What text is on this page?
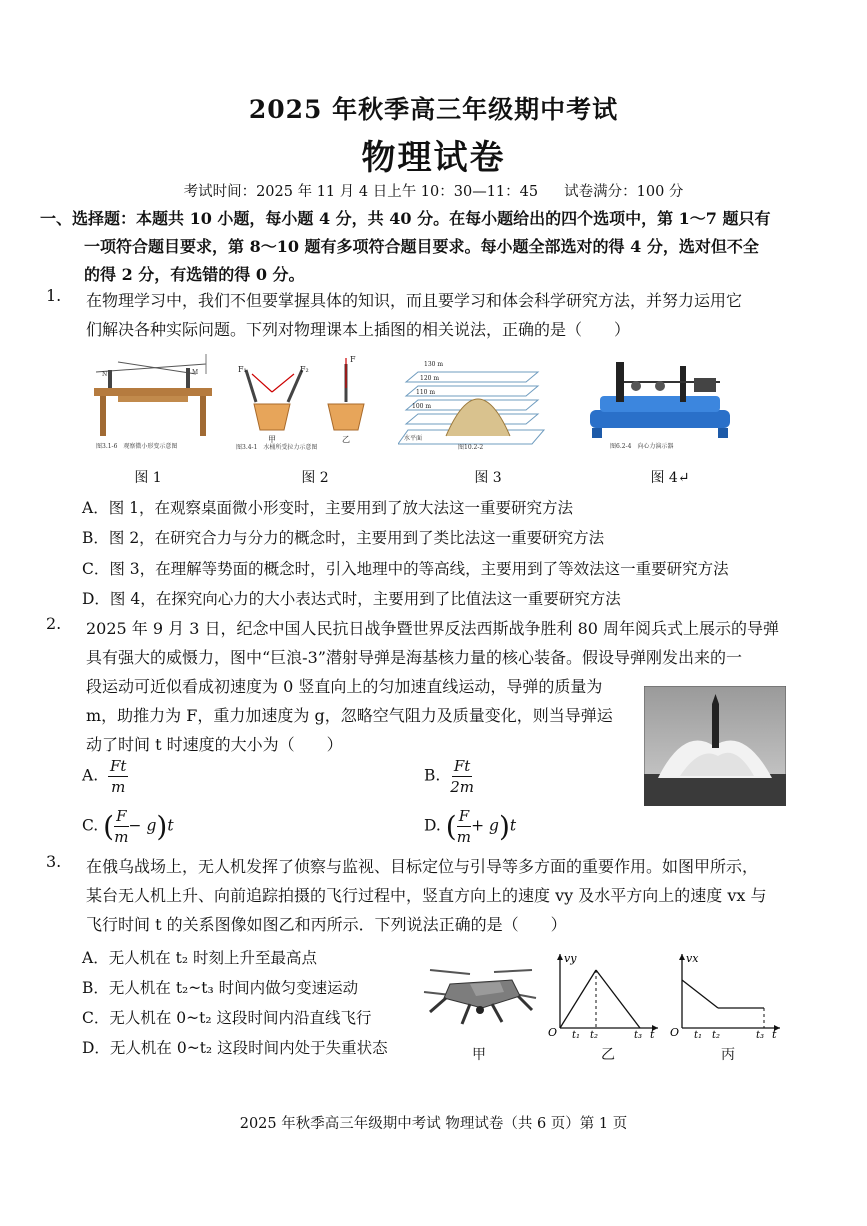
2025 年秋季高三年级期中考试
物理试卷
考试时间：2025 年 11 月 4 日上午 10：30—11：45 试卷满分：100 分
一、选择题：本题共 10 小题，每小题 4 分，共 40 分。在每小题给出的四个选项中，第 1～7 题只有
一项符合题目要求，第 8～10 题有多项符合题目要求。每小题全部选对的得 4 分，选对但不全
的得 2 分，有选错的得 0 分。
1. 在物理学习中，我们不但要掌握具体的知识，而且要学习和体会科学研究方法，并努力运用它
们解决各种实际问题。下列对物理课本上插图的相关说法，正确的是（　　）
N	M
图3.1-6　观察微小形变示意图
F₁	F₂
F
甲	乙
图3.4-1　水桶所受拉力示意图
130 m
120 m
110 m
100 m
水平面
图10.2-2	图6.2-4　向心力演示器
图 1	图 2	图 3	图 4↵
A．图 1，在观察桌面微小形变时，主要用到了放大法这一重要研究方法
B．图 2，在研究合力与分力的概念时，主要用到了类比法这一重要研究方法
C．图 3，在理解等势面的概念时，引入地理中的等高线，主要用到了等效法这一重要研究方法
D．图 4，在探究向心力的大小表达式时，主要用到了比值法这一重要研究方法
2. 2025 年 9 月 3 日，纪念中国人民抗日战争暨世界反法西斯战争胜利 80 周年阅兵式上展示的导弹
具有强大的威慑力，图中“巨浪-3”潜射导弹是海基核力量的核心装备。假设导弹刚发出来的一
段运动可近似看成初速度为 0 竖直向上的匀加速直线运动，导弹的质量为
m，助推力为 F，重力加速度为 g，忽略空气阻力及质量变化，则当导弹运
动了时间 t 时速度的大小为（　　）
A. $\frac{Ft}{m}$	B. $\frac{Ft}{2m}$
C. ( $\frac{F}{m} - g)t$	D. ( $\frac{F}{m} + g)t$
3. 在俄乌战场上，无人机发挥了侦察与监视、目标定位与引导等多方面的重要作用。如图甲所示，
某台无人机上升、向前追踪拍摄的飞行过程中，竖直方向上的速度 vy 及水平方向上的速度 vx 与
飞行时间 t 的关系图像如图乙和丙所示．下列说法正确的是（　　）
A．无人机在 t₂ 时刻上升至最高点
B．无人机在 t₂~t₃ 时间内做匀变速运动
C．无人机在 0~t₂ 这段时间内沿直线飞行
D．无人机在 0~t₂ 这段时间内处于失重状态	甲
vy
O t₁ t₂	t₃ t
乙
vx
O t₁ t₂	t₃ t
丙
2025 年秋季高三年级期中考试 物理试卷（共 6 页）第 1 页
